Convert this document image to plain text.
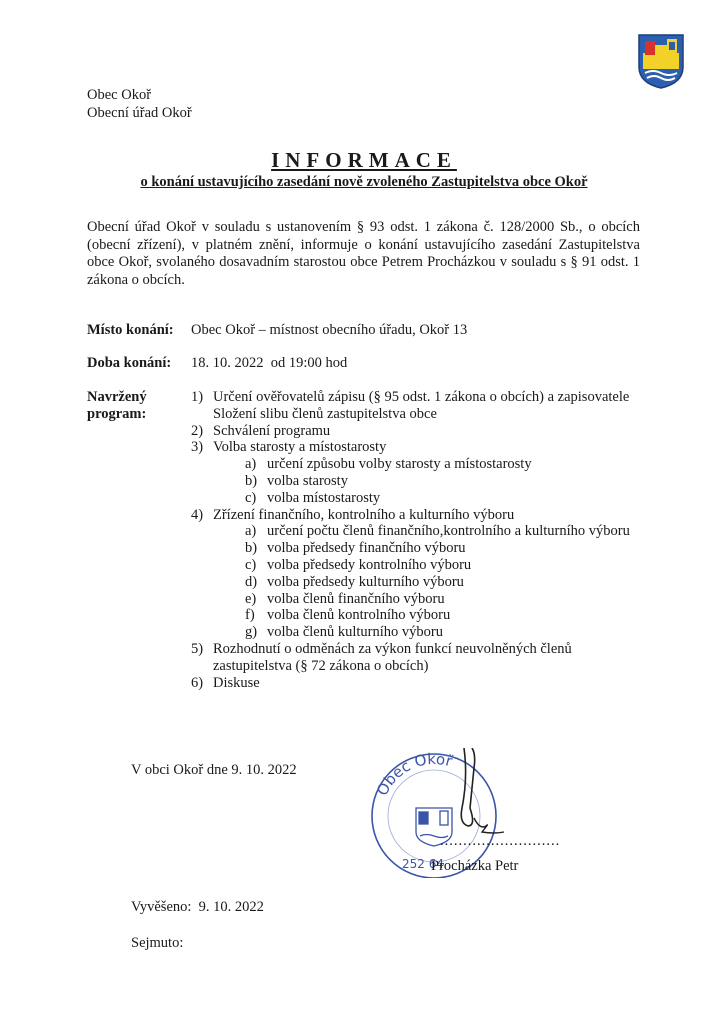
Obec Okoř
Obecní úřad Okoř
INFORMACE
o konání ustavujícího zasedání nově zvoleného Zastupitelstva obce Okoř
Obecní úřad Okoř v souladu s ustanovením § 93 odst. 1 zákona č. 128/2000 Sb., o obcích (obecní zřízení), v platném znění, informuje o konání ustavujícího zasedání Zastupitelstva obce Okoř, svolaného dosavadním starostou obce Petrem Procházkou v souladu s § 91 odst. 1 zákona o obcích.
Místo konání: Obec Okoř – místnost obecního úřadu, Okoř 13
Doba konání: 18. 10. 2022  od 19:00 hod
Navržený
program:
1) Určení ověřovatelů zápisu (§ 95 odst. 1 zákona o obcích) a zapisovatele Složení slibu členů zastupitelstva obce
2) Schválení programu
3) Volba starosty a místostarosty
a) určení způsobu volby starosty a místostarosty
b) volba starosty
c) volba místostarosty
4) Zřízení finančního, kontrolního a kulturního výboru
a) určení počtu členů finančního,kontrolního a kulturního výboru
b) volba předsedy finančního výboru
c) volba předsedy kontrolního výboru
d) volba předsedy kulturního výboru
e) volba členů finančního výboru
f) volba členů kontrolního výboru
g) volba členů kulturního výboru
5) Rozhodnutí o odměnách za výkon funkcí neuvolněných členů zastupitelstva (§ 72 zákona o obcích)
6) Diskuse
V obci Okoř dne 9. 10. 2022
Obec Okoř
252 64
..........................
Procházka Petr
Vyvěšeno:  9. 10. 2022
Sejmuto:
